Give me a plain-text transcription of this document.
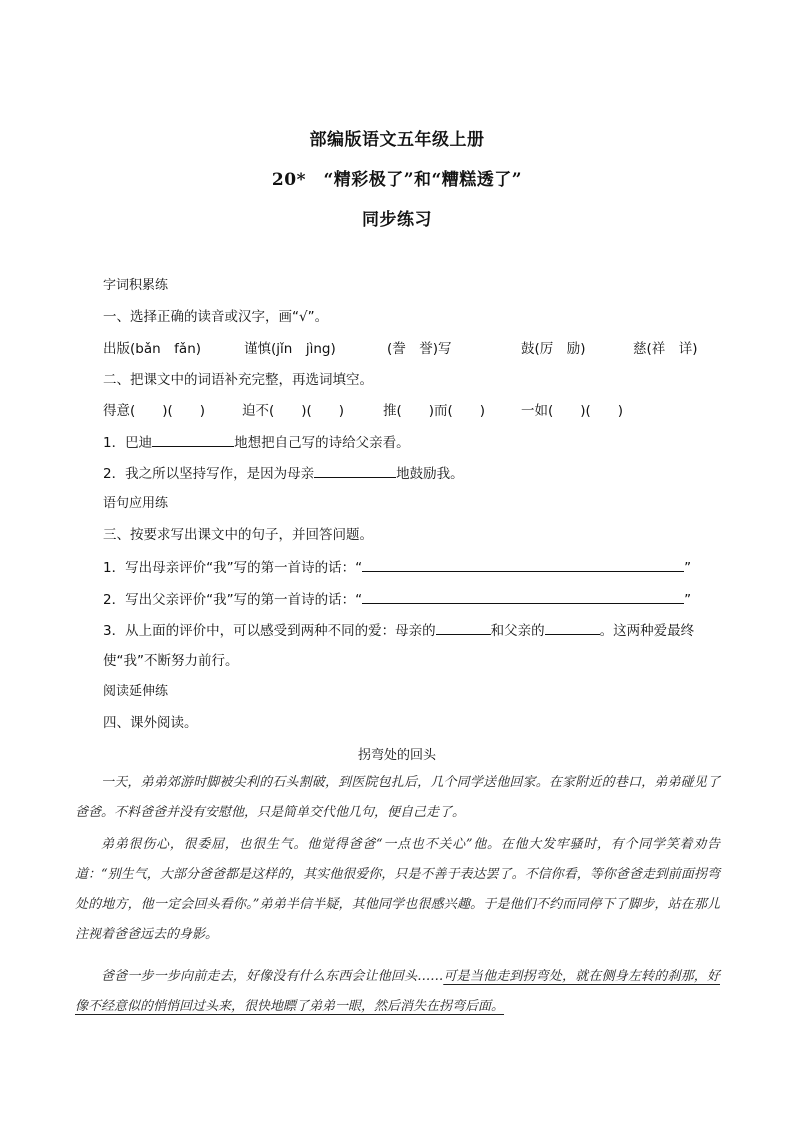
部编版语文五年级上册
20*　“精彩极了”和“糟糕透了”
同步练习
字词积累练
一、选择正确的读音或汉字，画“√”。
出版(bǎn　fǎn)	谨慎(jǐn　jìng)	(誊　誉)写	鼓(厉　励)	慈(祥　详)
二、把课文中的词语补充完整，再选词填空。
得意(　　)(　　)	迫不(　　)(　　)	推(　　)而(　　)	一如(　　)(　　)
1．巴迪	地想把自己写的诗给父亲看。
2．我之所以坚持写作，是因为母亲	地鼓励我。
语句应用练
三、按要求写出课文中的句子，并回答问题。
1．写出母亲评价“我”写的第一首诗的话：“	”
2．写出父亲评价“我”写的第一首诗的话：“	”
3．从上面的评价中，可以感受到两种不同的爱：母亲的	和父亲的	。这两种爱最终
使“我”不断努力前行。
阅读延伸练
四、课外阅读。
拐弯处的回头
一天，弟弟郊游时脚被尖利的石头割破，到医院包扎后，几个同学送他回家。在家附近的巷口，弟弟碰见了爸爸。不料爸爸并没有安慰他，只是简单交代他几句，便自己走了。
弟弟很伤心，很委屈，也很生气。他觉得爸爸“一点也不关心”他。在他大发牢骚时，有个同学笑着劝告道：“别生气，大部分爸爸都是这样的，其实他很爱你，只是不善于表达罢了。不信你看，等你爸爸走到前面拐弯处的地方，他一定会回头看你。”弟弟半信半疑，其他同学也很感兴趣。于是他们不约而同停下了脚步，站在那儿注视着爸爸远去的身影。
爸爸一步一步向前走去，好像没有什么东西会让他回头……可是当他走到拐弯处，就在侧身左转的刹那，好像不经意似的悄悄回过头来，很快地瞟了弟弟一眼，然后消失在拐弯后面。
